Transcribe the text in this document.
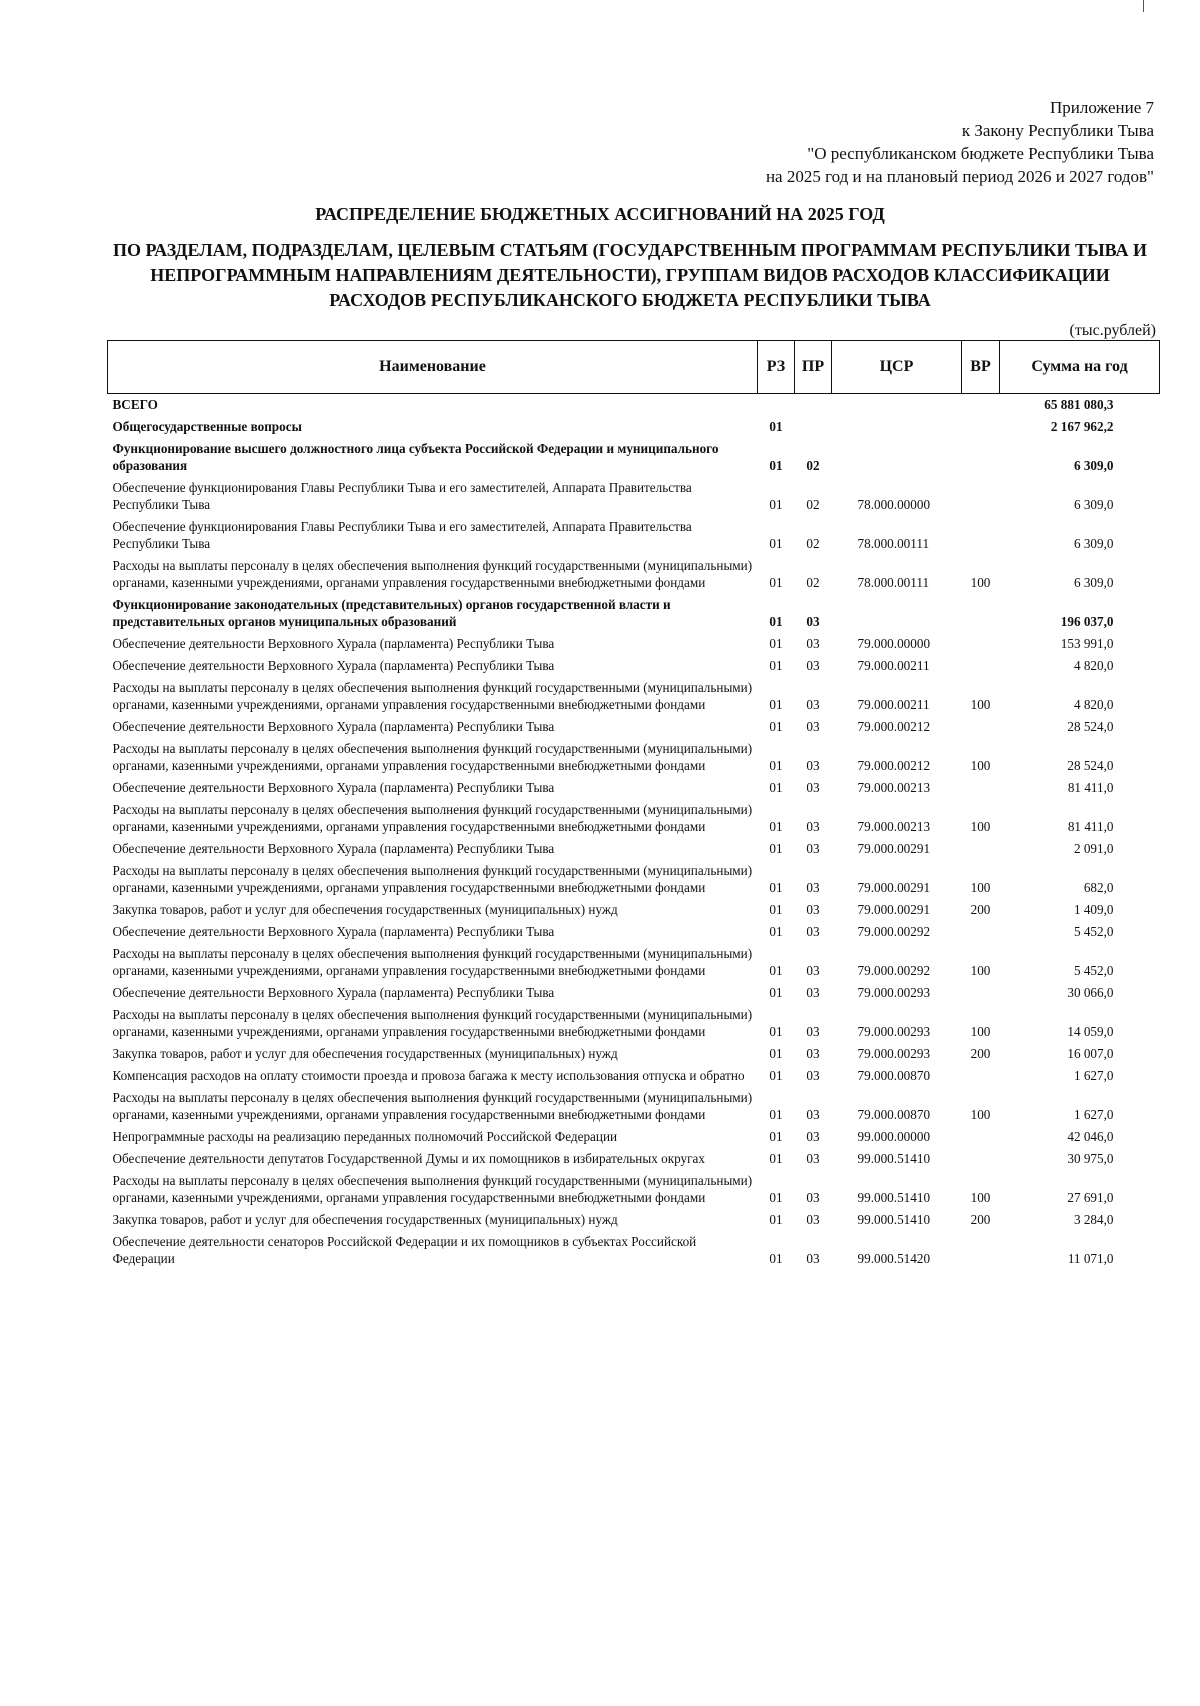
Приложение 7
к Закону Республики Тыва
"О республиканском бюджете Республики Тыва
на 2025 год и на плановый период 2026 и 2027 годов"
РАСПРЕДЕЛЕНИЕ БЮДЖЕТНЫХ АССИГНОВАНИЙ НА 2025 ГОД
ПО РАЗДЕЛАМ, ПОДРАЗДЕЛАМ, ЦЕЛЕВЫМ СТАТЬЯМ (ГОСУДАРСТВЕННЫМ ПРОГРАММАМ РЕСПУБЛИКИ ТЫВА И НЕПРОГРАММНЫМ НАПРАВЛЕНИЯМ ДЕЯТЕЛЬНОСТИ), ГРУППАМ ВИДОВ РАСХОДОВ КЛАССИФИКАЦИИ РАСХОДОВ РЕСПУБЛИКАНСКОГО БЮДЖЕТА РЕСПУБЛИКИ ТЫВА
(тыс.рублей)
Наименование	РЗ	ПР	ЦСР	ВР	Сумма на год
ВСЕГО					65 881 080,3
Общегосударственные вопросы	01				2 167 962,2
Функционирование высшего должностного лица субъекта Российской Федерации и муниципального образования	01	02			6 309,0
Обеспечение функционирования Главы Республики Тыва и его заместителей, Аппарата Правительства Республики Тыва	01	02	78.000.00000		6 309,0
Обеспечение функционирования Главы Республики Тыва и его заместителей, Аппарата Правительства Республики Тыва	01	02	78.000.00111		6 309,0
Расходы на выплаты персоналу в целях обеспечения выполнения функций государственными (муниципальными) органами, казенными учреждениями, органами управления государственными внебюджетными фондами	01	02	78.000.00111	100	6 309,0
Функционирование законодательных (представительных) органов государственной власти и представительных органов муниципальных образований	01	03			196 037,0
Обеспечение деятельности Верховного Хурала (парламента) Республики Тыва	01	03	79.000.00000		153 991,0
Обеспечение деятельности Верховного Хурала (парламента) Республики Тыва	01	03	79.000.00211		4 820,0
Расходы на выплаты персоналу в целях обеспечения выполнения функций государственными (муниципальными) органами, казенными учреждениями, органами управления государственными внебюджетными фондами	01	03	79.000.00211	100	4 820,0
Обеспечение деятельности Верховного Хурала (парламента) Республики Тыва	01	03	79.000.00212		28 524,0
Расходы на выплаты персоналу в целях обеспечения выполнения функций государственными (муниципальными) органами, казенными учреждениями, органами управления государственными внебюджетными фондами	01	03	79.000.00212	100	28 524,0
Обеспечение деятельности Верховного Хурала (парламента) Республики Тыва	01	03	79.000.00213		81 411,0
Расходы на выплаты персоналу в целях обеспечения выполнения функций государственными (муниципальными) органами, казенными учреждениями, органами управления государственными внебюджетными фондами	01	03	79.000.00213	100	81 411,0
Обеспечение деятельности Верховного Хурала (парламента) Республики Тыва	01	03	79.000.00291		2 091,0
Расходы на выплаты персоналу в целях обеспечения выполнения функций государственными (муниципальными) органами, казенными учреждениями, органами управления государственными внебюджетными фондами	01	03	79.000.00291	100	682,0
Закупка товаров, работ и услуг для обеспечения государственных (муниципальных) нужд	01	03	79.000.00291	200	1 409,0
Обеспечение деятельности Верховного Хурала (парламента) Республики Тыва	01	03	79.000.00292		5 452,0
Расходы на выплаты персоналу в целях обеспечения выполнения функций государственными (муниципальными) органами, казенными учреждениями, органами управления государственными внебюджетными фондами	01	03	79.000.00292	100	5 452,0
Обеспечение деятельности Верховного Хурала (парламента) Республики Тыва	01	03	79.000.00293		30 066,0
Расходы на выплаты персоналу в целях обеспечения выполнения функций государственными (муниципальными) органами, казенными учреждениями, органами управления государственными внебюджетными фондами	01	03	79.000.00293	100	14 059,0
Закупка товаров, работ и услуг для обеспечения государственных (муниципальных) нужд	01	03	79.000.00293	200	16 007,0
Компенсация расходов на оплату стоимости проезда и провоза багажа к месту использования отпуска и обратно	01	03	79.000.00870		1 627,0
Расходы на выплаты персоналу в целях обеспечения выполнения функций государственными (муниципальными) органами, казенными учреждениями, органами управления государственными внебюджетными фондами	01	03	79.000.00870	100	1 627,0
Непрограммные расходы на реализацию переданных полномочий Российской Федерации	01	03	99.000.00000		42 046,0
Обеспечение деятельности депутатов Государственной Думы и их помощников в избирательных округах	01	03	99.000.51410		30 975,0
Расходы на выплаты персоналу в целях обеспечения выполнения функций государственными (муниципальными) органами, казенными учреждениями, органами управления государственными внебюджетными фондами	01	03	99.000.51410	100	27 691,0
Закупка товаров, работ и услуг для обеспечения государственных (муниципальных) нужд	01	03	99.000.51410	200	3 284,0
Обеспечение деятельности сенаторов Российской Федерации и их помощников в субъектах Российской Федерации	01	03	99.000.51420		11 071,0
